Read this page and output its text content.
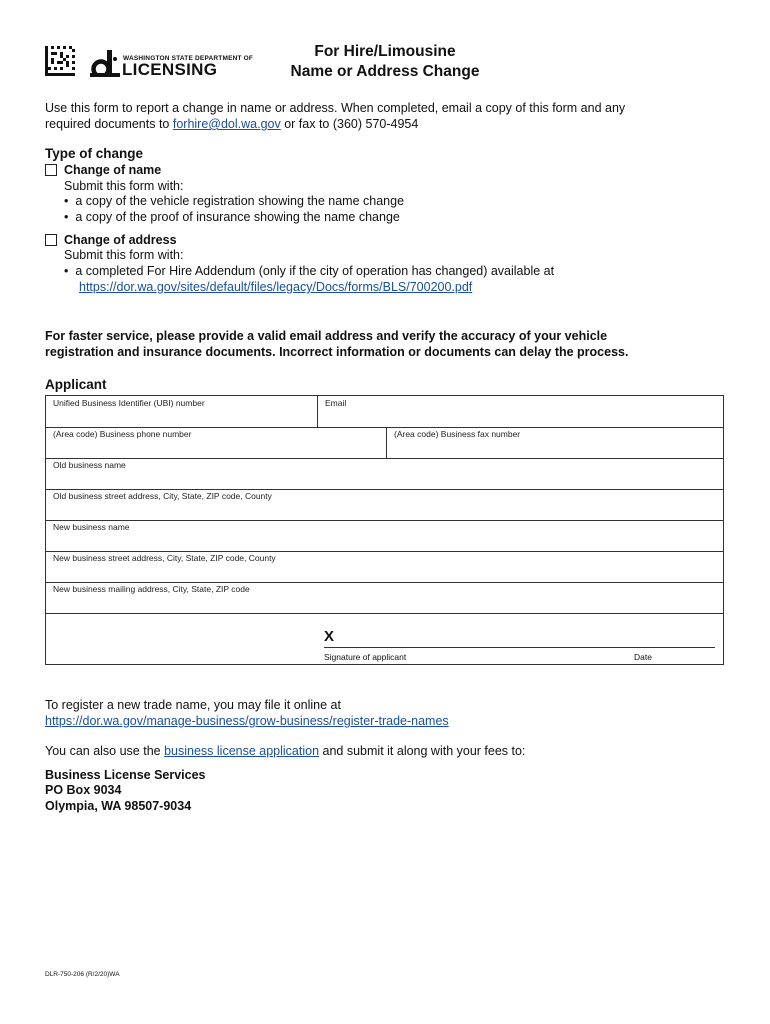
WASHINGTON STATE DEPARTMENT OF
LICENSING
For Hire/Limousine
Name or Address Change
Use this form to report a change in name or address. When completed, email a copy of this form and any
required documents to forhire@dol.wa.gov or fax to (360) 570-4954
Type of change
Change of name
Submit this form with:
• a copy of the vehicle registration showing the name change
• a copy of the proof of insurance showing the name change
Change of address
Submit this form with:
• a completed For Hire Addendum (only if the city of operation has changed) available at
https://dor.wa.gov/sites/default/files/legacy/Docs/forms/BLS/700200.pdf
For faster service, please provide a valid email address and verify the accuracy of your vehicle
registration and insurance documents. Incorrect information or documents can delay the process.
Applicant
Unified Business Identifier (UBI) number	Email
(Area code) Business phone number	(Area code) Business fax number
Old business name
Old business street address, City, State, ZIP code, County
New business name
New business street address, City, State, ZIP code, County
New business mailing address, City, State, ZIP code
X
Signature of applicant	Date
To register a new trade name, you may file it online at
https://dor.wa.gov/manage-business/grow-business/register-trade-names
You can also use the business license application and submit it along with your fees to:
Business License Services
PO Box 9034
Olympia, WA 98507-9034
DLR-750-206 (R/2/20)WA
